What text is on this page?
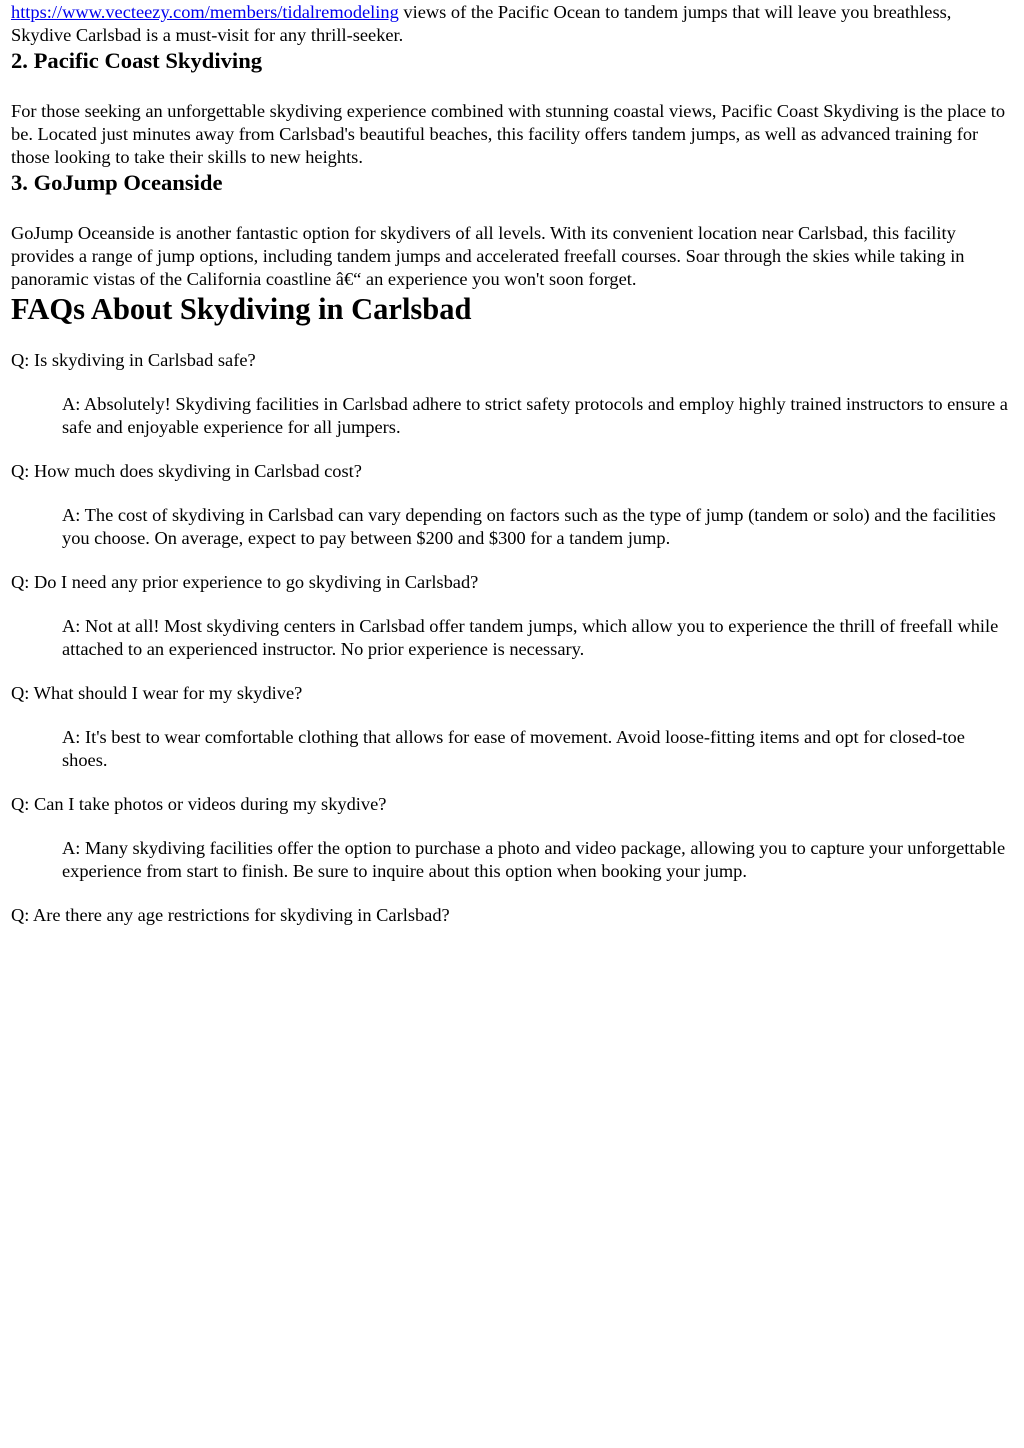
https://www.vecteezy.com/members/tidalremodeling views of the Pacific Ocean to tandem jumps that will leave you breathless, Skydive Carlsbad is a must-visit for any thrill-seeker.

2. Pacific Coast Skydiving

For those seeking an unforgettable skydiving experience combined with stunning coastal views, Pacific Coast Skydiving is the place to be. Located just minutes away from Carlsbad's beautiful beaches, this facility offers tandem jumps, as well as advanced training for those looking to take their skills to new heights.

3. GoJump Oceanside

GoJump Oceanside is another fantastic option for skydivers of all levels. With its convenient location near Carlsbad, this facility provides a range of jump options, including tandem jumps and accelerated freefall courses. Soar through the skies while taking in panoramic vistas of the California coastline â€“ an experience you won't soon forget.

FAQs About Skydiving in Carlsbad

Q: Is skydiving in Carlsbad safe?

A: Absolutely! Skydiving facilities in Carlsbad adhere to strict safety protocols and employ highly trained instructors to ensure a safe and enjoyable experience for all jumpers.

Q: How much does skydiving in Carlsbad cost?

A: The cost of skydiving in Carlsbad can vary depending on factors such as the type of jump (tandem or solo) and the facilities you choose. On average, expect to pay between $200 and $300 for a tandem jump.

Q: Do I need any prior experience to go skydiving in Carlsbad?

A: Not at all! Most skydiving centers in Carlsbad offer tandem jumps, which allow you to experience the thrill of freefall while attached to an experienced instructor. No prior experience is necessary.

Q: What should I wear for my skydive?

A: It's best to wear comfortable clothing that allows for ease of movement. Avoid loose-fitting items and opt for closed-toe shoes.

Q: Can I take photos or videos during my skydive?

A: Many skydiving facilities offer the option to purchase a photo and video package, allowing you to capture your unforgettable experience from start to finish. Be sure to inquire about this option when booking your jump.

Q: Are there any age restrictions for skydiving in Carlsbad?
